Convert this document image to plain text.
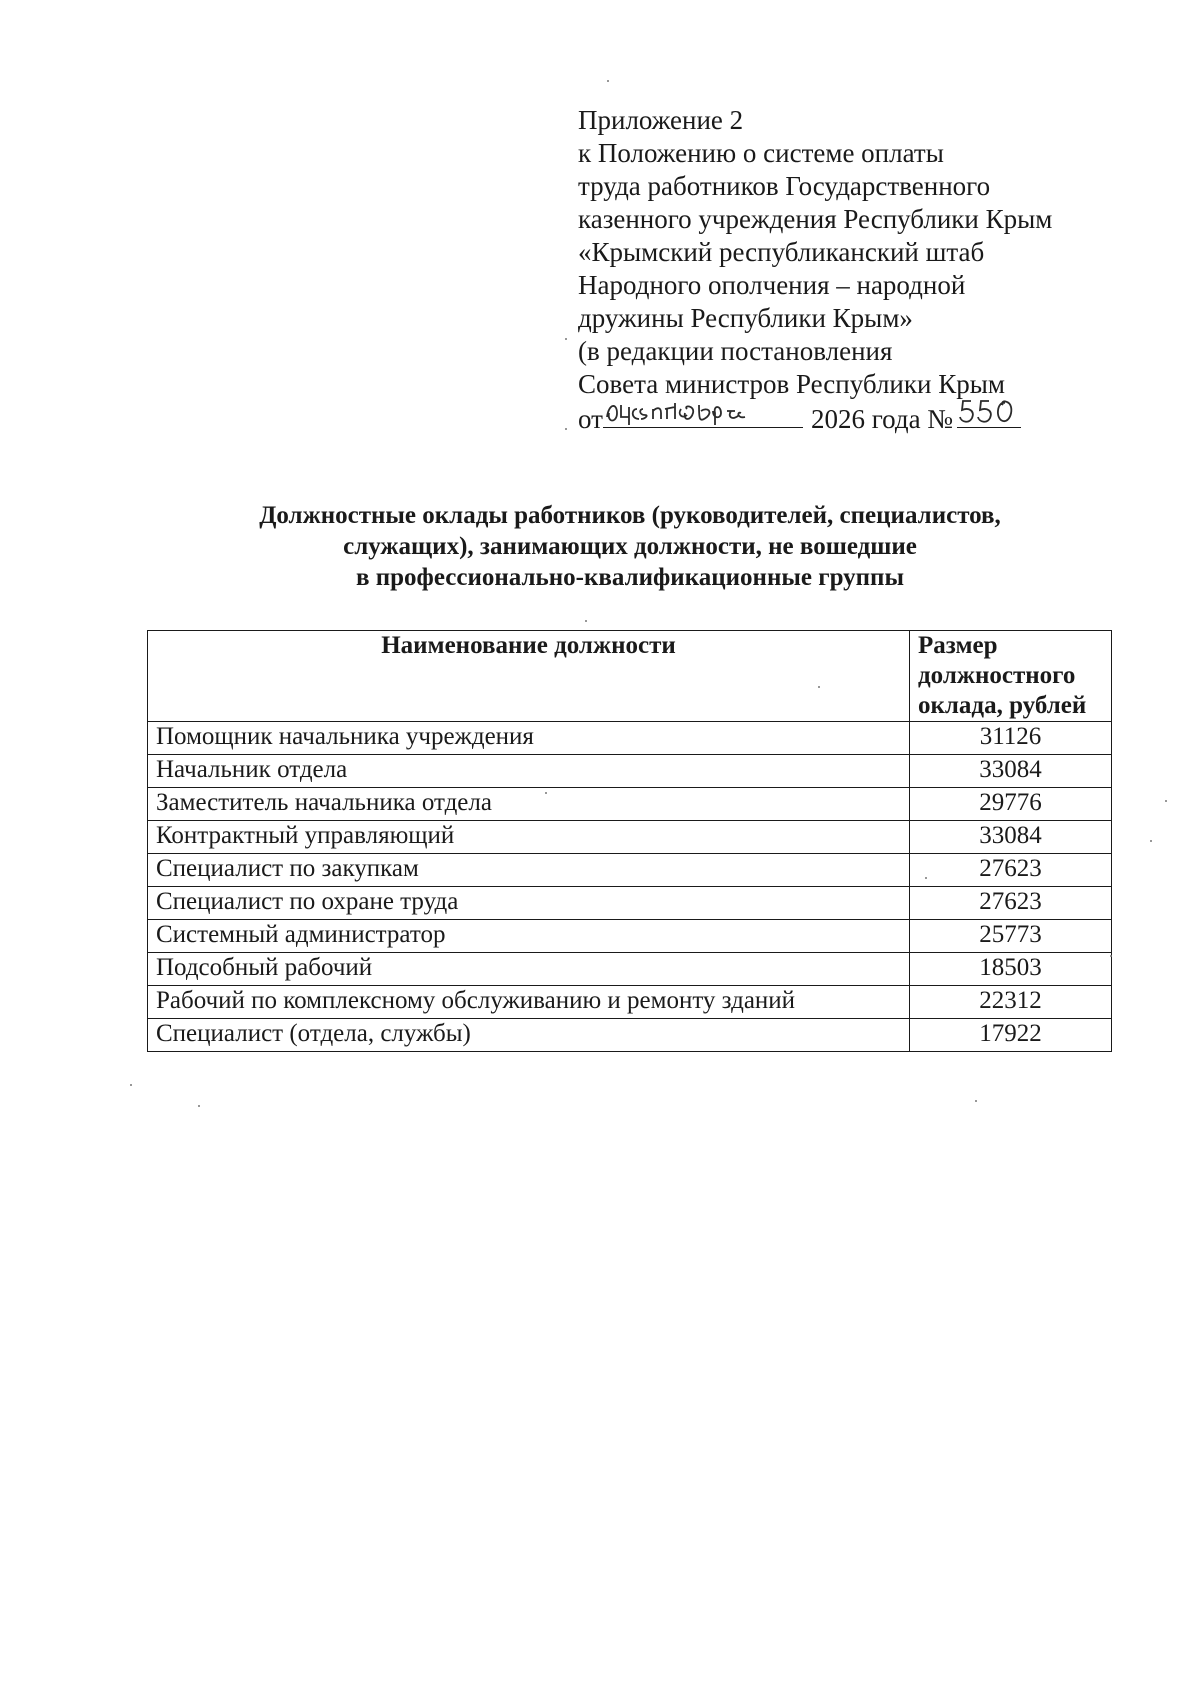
Приложение 2
к Положению о системе оплаты
труда работников Государственного
казенного учреждения Республики Крым
«Крымский республиканский штаб
Народного ополчения – народной
дружины Республики Крым»
(в редакции постановления
Совета министров Республики Крым
от	2026 года №
Должностные оклады работников (руководителей, специалистов,
служащих), занимающих должности, не вошедшие
в профессионально-квалификационные группы
Наименование должности	Размер
должностного
оклада, рублей

Помощник начальника учреждения	31126
Начальник отдела	33084
Заместитель начальника отдела	29776
Контрактный управляющий	33084
Специалист по закупкам	27623
Специалист по охране труда	27623
Системный администратор	25773
Подсобный рабочий	18503
Рабочий по комплексному обслуживанию и ремонту зданий	22312
Специалист (отдела, службы)	17922
